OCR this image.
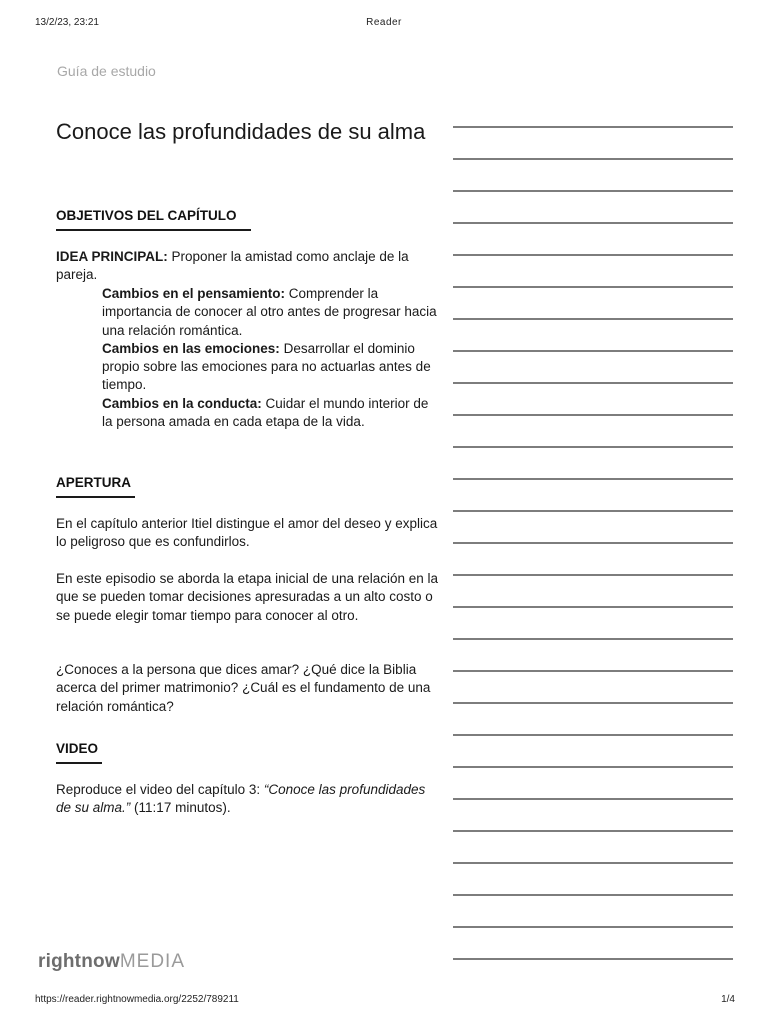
13/2/23, 23:21	Reader
https://reader.rightnowmedia.org/2252/789211	1/4
Guía de estudio
Conoce las profundidades de su alma
OBJETIVOS DEL CAPÍTULO

IDEA PRINCIPAL: Proponer la amistad como anclaje de la pareja.

Cambios en el pensamiento: Comprender la importancia de conocer al otro antes de progresar hacia una relación romántica.
Cambios en las emociones: Desarrollar el dominio propio sobre las emociones para no actuarlas antes de tiempo.
Cambios en la conducta: Cuidar el mundo interior de la persona amada en cada etapa de la vida.
APERTURA

En el capítulo anterior Itiel distingue el amor del deseo y explica lo peligroso que es confundirlos.

En este episodio se aborda la etapa inicial de una relación en la que se pueden tomar decisiones apresuradas a un alto costo o se puede elegir tomar tiempo para conocer al otro.

¿Conoces a la persona que dices amar? ¿Qué dice la Biblia acerca del primer matrimonio? ¿Cuál es el fundamento de una relación romántica?

VIDEO

Reproduce el video del capítulo 3: “Conoce las profundidades de su alma.” (11:17 minutos).

rightnowMEDIA
